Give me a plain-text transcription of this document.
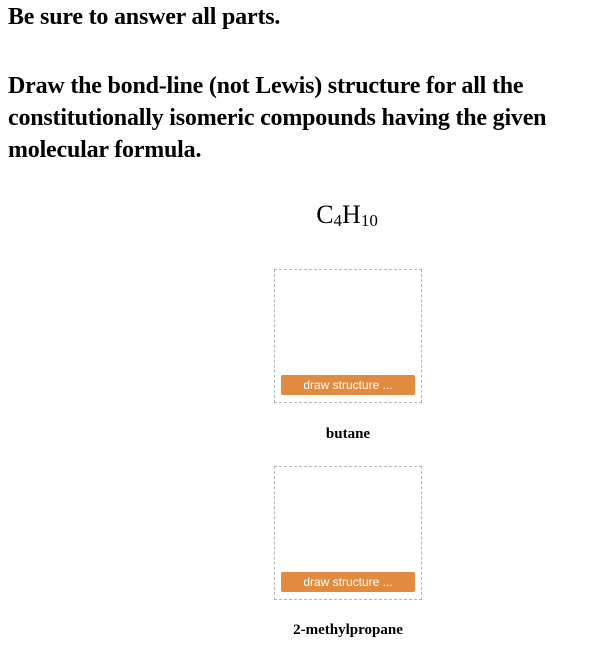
Be sure to answer all parts.

Draw the bond-line (not Lewis) structure for all the constitutionally isomeric compounds having the given molecular formula.

$C_4H_{10}$
draw structure ...
butane
draw structure ...
2-methylpropane
